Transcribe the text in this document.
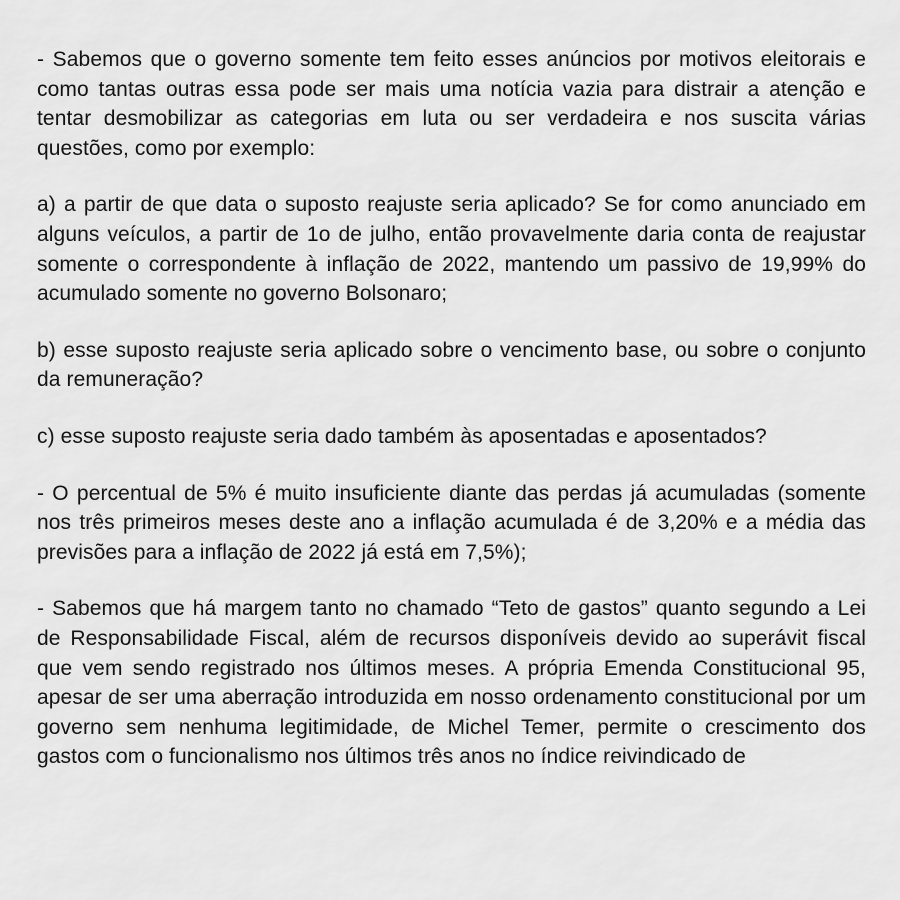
- Sabemos que o governo somente tem feito esses anúncios por motivos eleitorais e como tantas outras essa pode ser mais uma notícia vazia para distrair a atenção e tentar desmobilizar as categorias em luta ou ser verdadeira e nos suscita várias questões, como por exemplo:

a) a partir de que data o suposto reajuste seria aplicado? Se for como anunciado em alguns veículos, a partir de 1o de julho, então provavelmente daria conta de reajustar somente o correspondente à inflação de 2022, mantendo um passivo de 19,99% do acumulado somente no governo Bolsonaro;

b) esse suposto reajuste seria aplicado sobre o vencimento base, ou sobre o conjunto da remuneração?

c) esse suposto reajuste seria dado também às aposentadas e aposentados?

- O percentual de 5% é muito insuficiente diante das perdas já acumuladas (somente nos três primeiros meses deste ano a inflação acumulada é de 3,20% e a média das previsões para a inflação de 2022 já está em 7,5%);

- Sabemos que há margem tanto no chamado “Teto de gastos” quanto segundo a Lei de Responsabilidade Fiscal, além de recursos disponíveis devido ao superávit fiscal que vem sendo registrado nos últimos meses. A própria Emenda Constitucional 95, apesar de ser uma aberração introduzida em nosso ordenamento constitucional por um governo sem nenhuma legitimidade, de Michel Temer, permite o crescimento dos gastos com o funcionalismo nos últimos três anos no índice reivindicado de
